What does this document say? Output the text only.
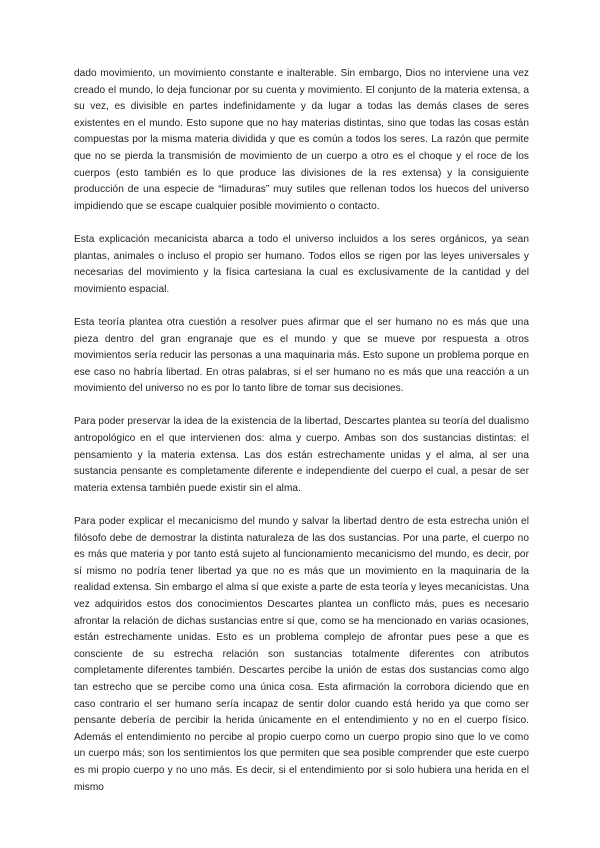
dado movimiento, un movimiento constante e inalterable. Sin embargo, Dios no interviene una vez creado el mundo, lo deja funcionar por su cuenta y movimiento. El conjunto de la materia extensa, a su vez, es divisible en partes indefinidamente y da lugar a todas las demás clases de seres existentes en el mundo. Esto supone que no hay materias distintas, sino que todas las cosas están compuestas por la misma materia dividida y que es común a todos los seres. La razón que permite que no se pierda la transmisión de movimiento de un cuerpo a otro es el choque y el roce de los cuerpos (esto también es lo que produce las divisiones de la res extensa) y la consiguiente producción de una especie de “limaduras” muy sutiles que rellenan todos los huecos del universo impidiendo que se escape cualquier posible movimiento o contacto.

Esta explicación mecanicista abarca a todo el universo incluidos a los seres orgánicos, ya sean plantas, animales o incluso el propio ser humano. Todos ellos se rigen por las leyes universales y necesarias del movimiento y la física cartesiana la cual es exclusivamente de la cantidad y del movimiento espacial.

Esta teoría plantea otra cuestión a resolver pues afirmar que el ser humano no es más que una pieza dentro del gran engranaje que es el mundo y que se mueve por respuesta a otros movimientos sería reducir las personas a una maquinaria más. Esto supone un problema porque en ese caso no habría libertad. En otras palabras, si el ser humano no es más que una reacción a un movimiento del universo no es por lo tanto libre de tomar sus decisiones.

Para poder preservar la idea de la existencia de la libertad, Descartes plantea su teoría del dualismo antropológico en el que intervienen dos: alma y cuerpo. Ambas son dos sustancias distintas: el pensamiento y la materia extensa. Las dos están estrechamente unidas y el alma, al ser una sustancia pensante es completamente diferente e independiente del cuerpo el cual, a pesar de ser materia extensa también puede existir sin el alma.

Para poder explicar el mecanicismo del mundo y salvar la libertad dentro de esta estrecha unión el filósofo debe de demostrar la distinta naturaleza de las dos sustancias. Por una parte, el cuerpo no es más que materia y por tanto está sujeto al funcionamiento mecanicismo del mundo, es decir, por sí mismo no podría tener libertad ya que no es más que un movimiento en la maquinaria de la realidad extensa. Sin embargo el alma sí que existe a parte de esta teoría y leyes mecanicistas. Una vez adquiridos estos dos conocimientos Descartes plantea un conflicto más, pues es necesario afrontar la relación de dichas sustancias entre sí que, como se ha mencionado en varias ocasiones, están estrechamente unidas. Esto es un problema complejo de afrontar pues pese a que es consciente de su estrecha relación son sustancias totalmente diferentes con atributos completamente diferentes también. Descartes percibe la unión de estas dos sustancias como algo tan estrecho que se percibe como una única cosa. Esta afirmación la corrobora diciendo que en caso contrario el ser humano sería incapaz de sentir dolor cuando está herido ya que como ser pensante debería de percibir la herida únicamente en el entendimiento y no en el cuerpo físico. Además el entendimiento no percibe al propio cuerpo como un cuerpo propio sino que lo ve como un cuerpo más; son los sentimientos los que permiten que sea posible comprender que este cuerpo es mi propio cuerpo y no uno más. Es decir, si el entendimiento por si solo hubiera una herida en el mismo
